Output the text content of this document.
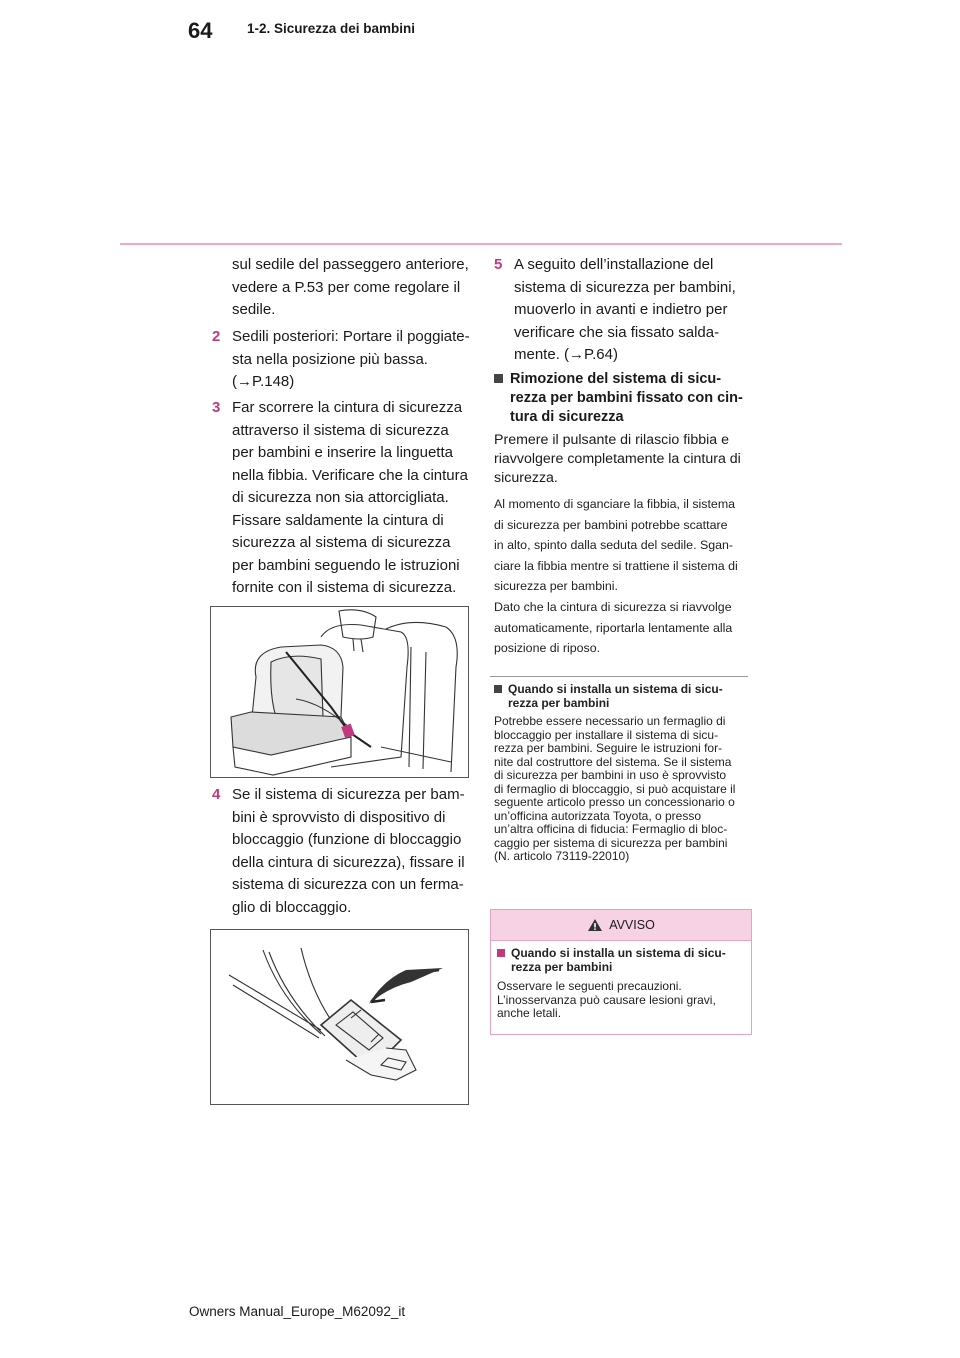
64	1-2. Sicurezza dei bambini
sul sedile del passeggero anteriore,
vedere a P.53 per come regolare il
sedile.
2 Sedili posteriori: Portare il poggiate-
sta nella posizione più bassa.
(→P.148)
3 Far scorrere la cintura di sicurezza
attraverso il sistema di sicurezza
per bambini e inserire la linguetta
nella fibbia. Verificare che la cintura
di sicurezza non sia attorcigliata.
Fissare saldamente la cintura di
sicurezza al sistema di sicurezza
per bambini seguendo le istruzioni
fornite con il sistema di sicurezza.
4 Se il sistema di sicurezza per bam-
bini è sprovvisto di dispositivo di
bloccaggio (funzione di bloccaggio
della cintura di sicurezza), fissare il
sistema di sicurezza con un ferma-
glio di bloccaggio.
5 A seguito dell’installazione del
sistema di sicurezza per bambini,
muoverlo in avanti e indietro per
verificare che sia fissato salda-
mente. (→P.64)
Rimozione del sistema di sicu-
rezza per bambini fissato con cin-
tura di sicurezza
Premere il pulsante di rilascio fibbia e
riavvolgere completamente la cintura di
sicurezza.
Al momento di sganciare la fibbia, il sistema
di sicurezza per bambini potrebbe scattare
in alto, spinto dalla seduta del sedile. Sgan-
ciare la fibbia mentre si trattiene il sistema di
sicurezza per bambini.
Dato che la cintura di sicurezza si riavvolge
automaticamente, riportarla lentamente alla
posizione di riposo.
Quando si installa un sistema di sicu-
rezza per bambini
Potrebbe essere necessario un fermaglio di
bloccaggio per installare il sistema di sicu-
rezza per bambini. Seguire le istruzioni for-
nite dal costruttore del sistema. Se il sistema
di sicurezza per bambini in uso è sprovvisto
di fermaglio di bloccaggio, si può acquistare il
seguente articolo presso un concessionario o
un’officina autorizzata Toyota, o presso
un’altra officina di fiducia: Fermaglio di bloc-
caggio per sistema di sicurezza per bambini
(N. articolo 73119-22010)
AVVISO
Quando si installa un sistema di sicu-
rezza per bambini
Osservare le seguenti precauzioni.
L’inosservanza può causare lesioni gravi,
anche letali.
Owners Manual_Europe_M62092_it
